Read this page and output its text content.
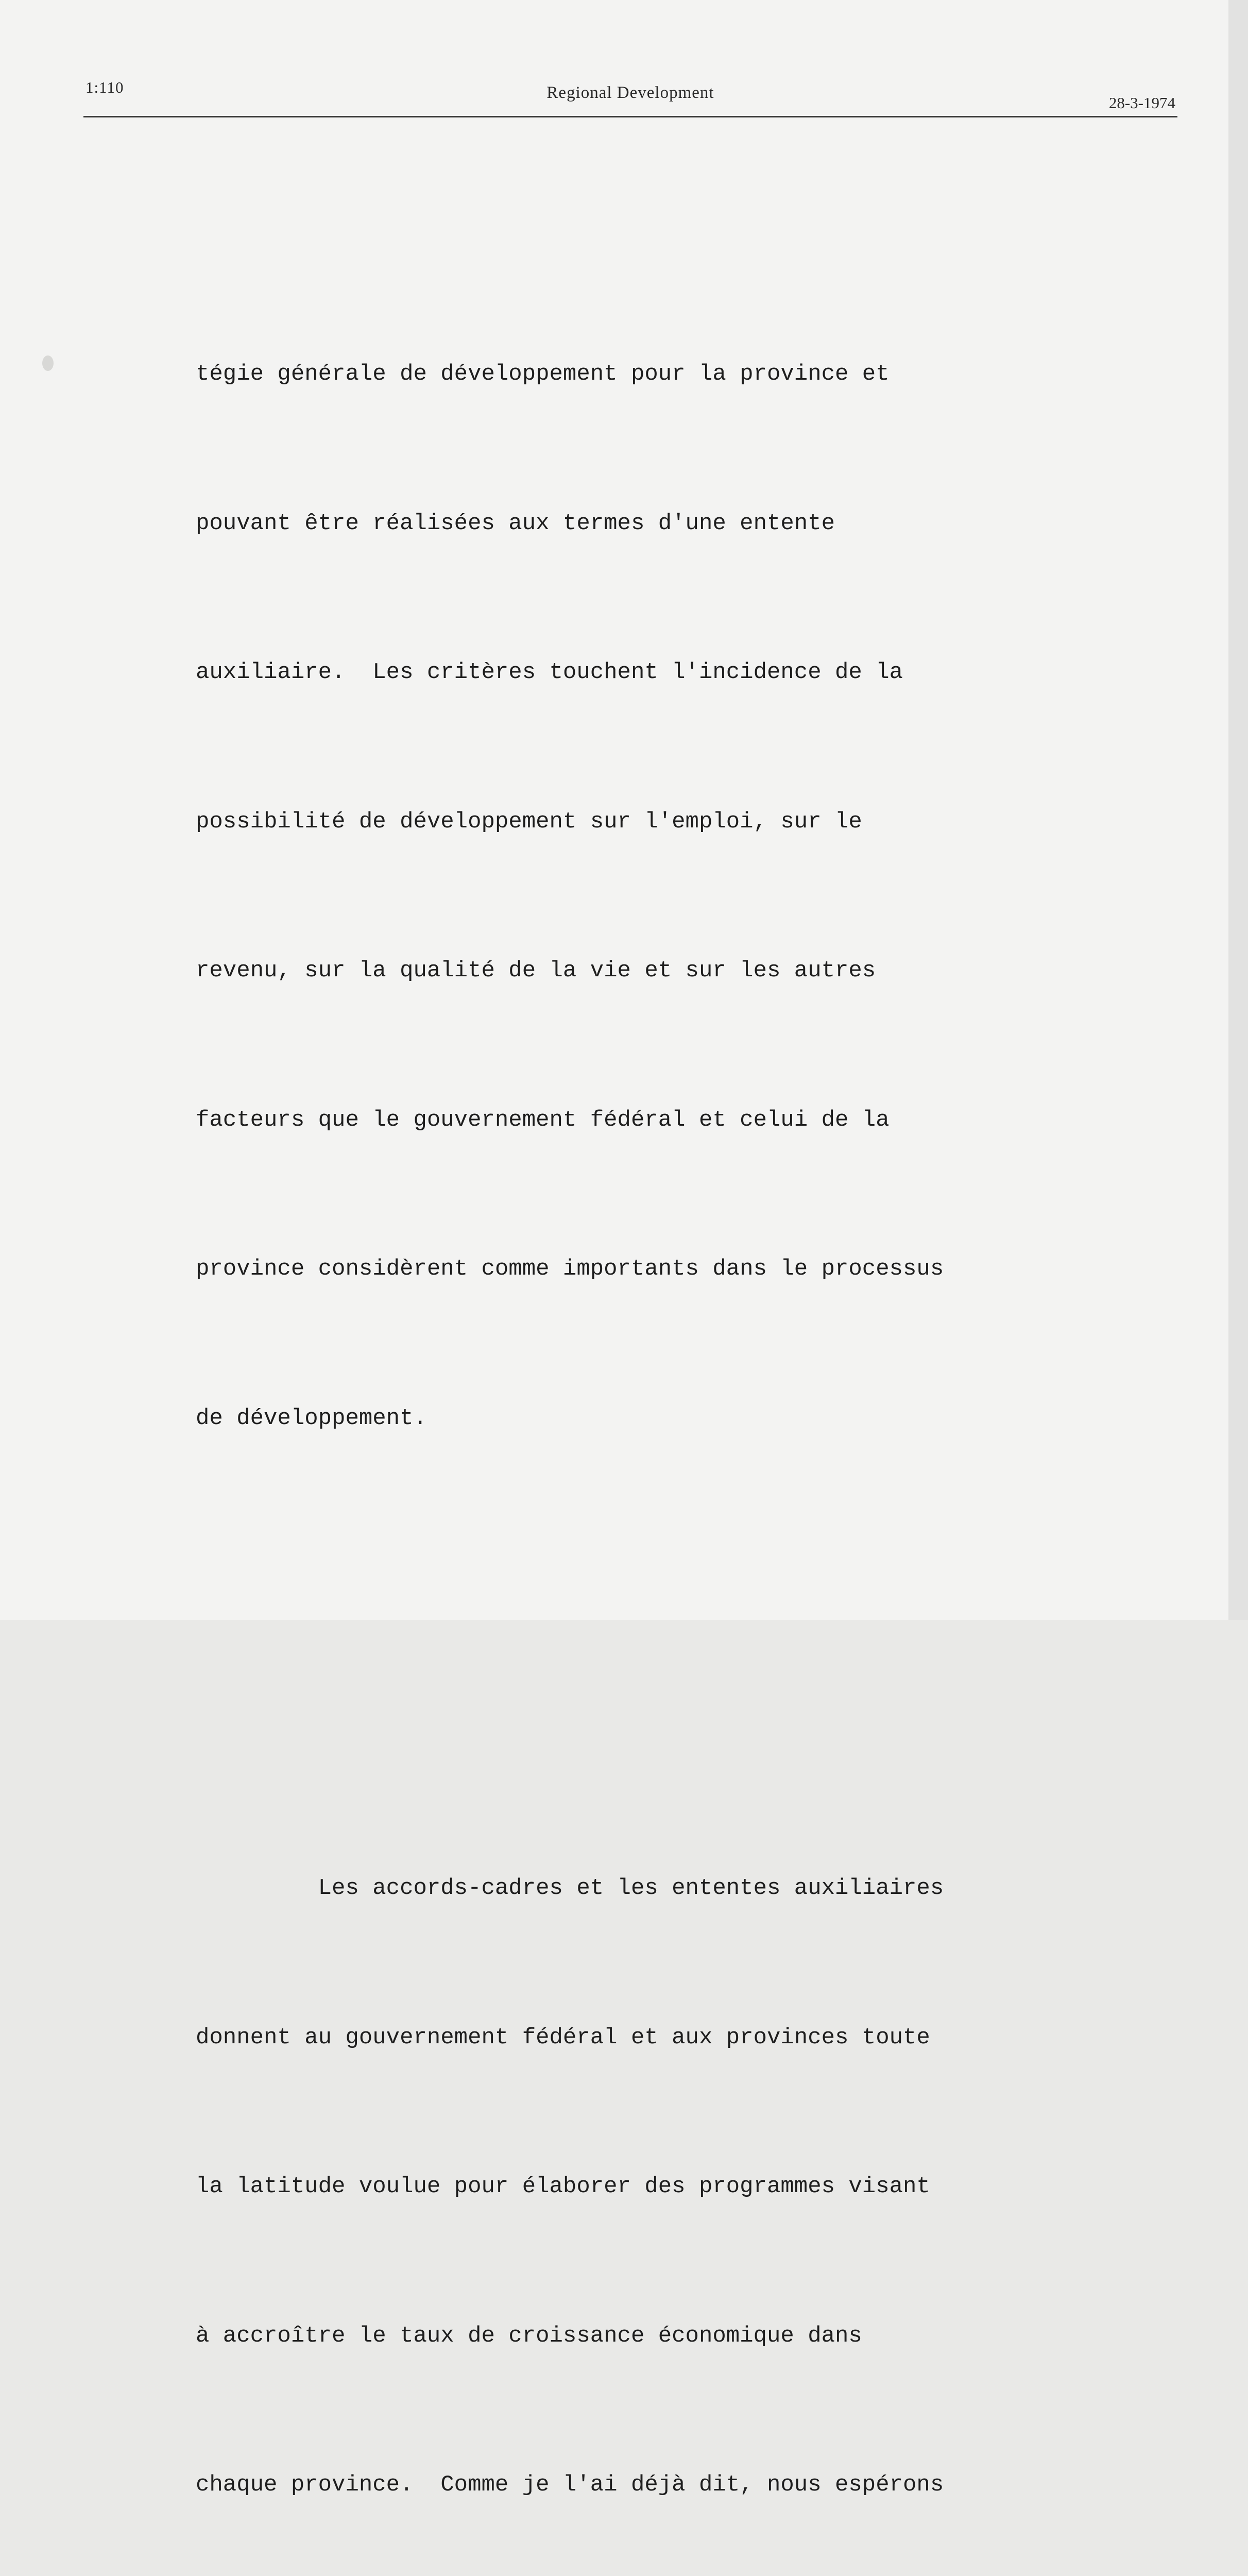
1:110	Regional Development
28-3-1974

tégie générale de développement pour la province et

pouvant être réalisées aux termes d'une entente

auxiliaire.  Les critères touchent l'incidence de la

possibilité de développement sur l'emploi, sur le

revenu, sur la qualité de la vie et sur les autres

facteurs que le gouvernement fédéral et celui de la

province considèrent comme importants dans le processus

de développement.

Les accords-cadres et les ententes auxiliaires

donnent au gouvernement fédéral et aux provinces toute

la latitude voulue pour élaborer des programmes visant

à accroître le taux de croissance économique dans

chaque province.  Comme je l'ai déjà dit, nous espérons
